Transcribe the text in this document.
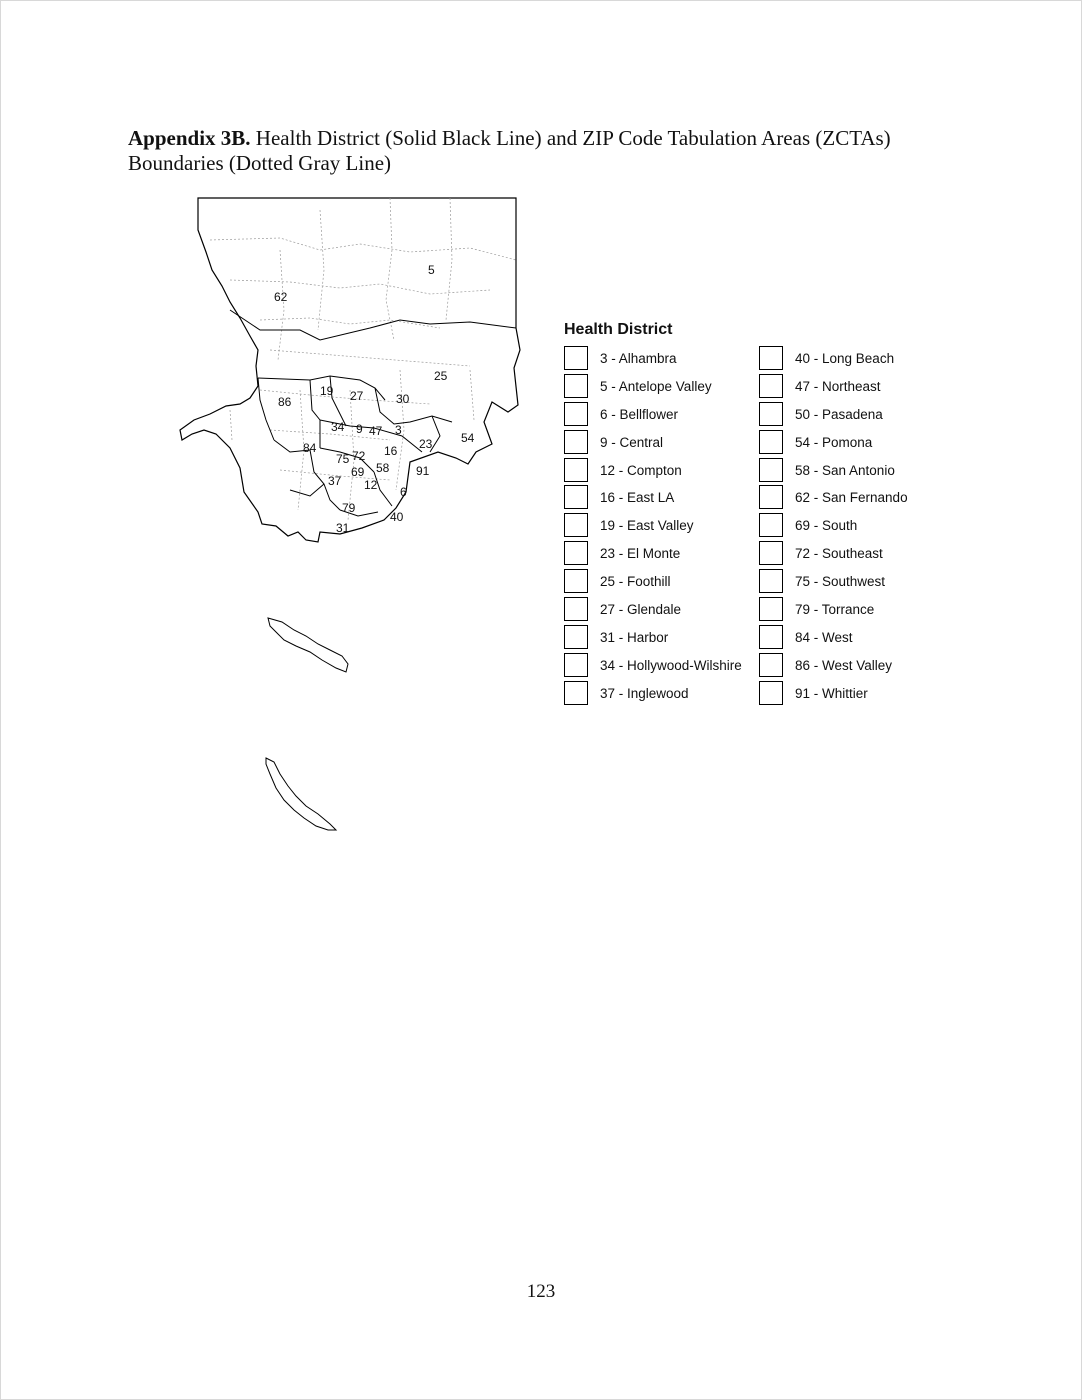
Appendix 3B. Health District (Solid Black Line) and ZIP Code Tabulation Areas (ZCTAs) Boundaries (Dotted Gray Line)
5
62
25
19 27	30
86
34 9 47 3
54
84	16 23
75 72
58 91
69
37 12 6
79
40
31
Health District
3 - Alhambra
5 - Antelope Valley
6 - Bellflower
9 - Central
12 - Compton
16 - East LA
19 - East Valley
23 - El Monte
25 - Foothill
27 - Glendale
31 - Harbor
34 - Hollywood-Wilshire
37 - Inglewood
40 - Long Beach
47 - Northeast
50 - Pasadena
54 - Pomona
58 - San Antonio
62 - San Fernando
69 - South
72 - Southeast
75 - Southwest
79 - Torrance
84 - West
86 - West Valley
91 - Whittier
123
